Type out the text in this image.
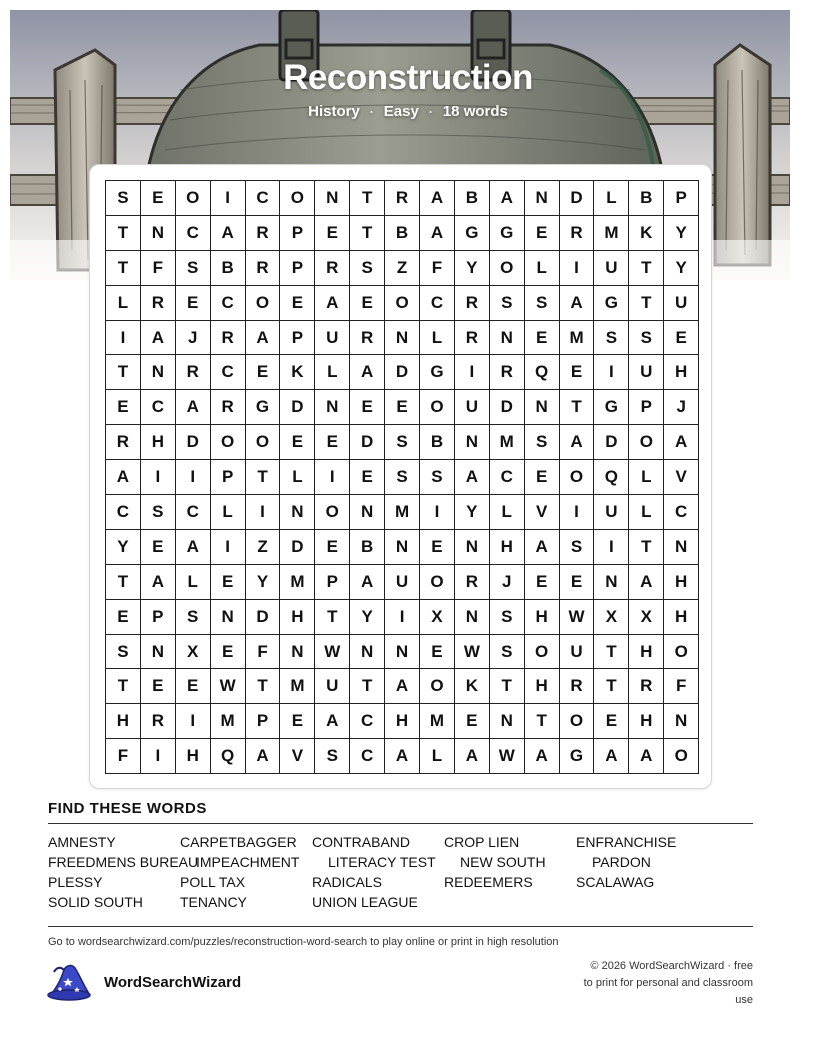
Reconstruction
History · Easy · 18 words
S	E	O	I	C	O	N	T	R	A	B	A	N	D	L	B	P
T	N	C	A	R	P	E	T	B	A	G	G	E	R	M	K	Y
T	F	S	B	R	P	R	S	Z	F	Y	O	L	I	U	T	Y
L	R	E	C	O	E	A	E	O	C	R	S	S	A	G	T	U
I	A	J	R	A	P	U	R	N	L	R	N	E	M	S	S	E
T	N	R	C	E	K	L	A	D	G	I	R	Q	E	I	U	H
E	C	A	R	G	D	N	E	E	O	U	D	N	T	G	P	J
R	H	D	O	O	E	E	D	S	B	N	M	S	A	D	O	A
A	I	I	P	T	L	I	E	S	S	A	C	E	O	Q	L	V
C	S	C	L	I	N	O	N	M	I	Y	L	V	I	U	L	C
Y	E	A	I	Z	D	E	B	N	E	N	H	A	S	I	T	N
T	A	L	E	Y	M	P	A	U	O	R	J	E	E	N	A	H
E	P	S	N	D	H	T	Y	I	X	N	S	H	W	X	X	H
S	N	X	E	F	N	W	N	N	E	W	S	O	U	T	H	O
T	E	E	W	T	M	U	T	A	O	K	T	H	R	T	R	F
H	R	I	M	P	E	A	C	H	M	E	N	T	O	E	H	N
F	I	H	Q	A	V	S	C	A	L	A	W	A	G	A	A	O
FIND THESE WORDS
AMNESTY	CARPETBAGGER CONTRABAND CROP LIEN	ENFRANCHISE
FREEDMENS BUREAU
IMPEACHMENT LITERACY TEST NEW SOUTH	PARDON
PLESSY	POLL TAX	RADICALS	REDEEMERS	SCALAWAG
SOLID SOUTH	TENANCY	UNION LEAGUE
Go to wordsearchwizard.com/puzzles/reconstruction-word-search to play online or print in high resolution
WordSearchWizard
© 2026 WordSearchWizard · free to print for personal and classroom use
